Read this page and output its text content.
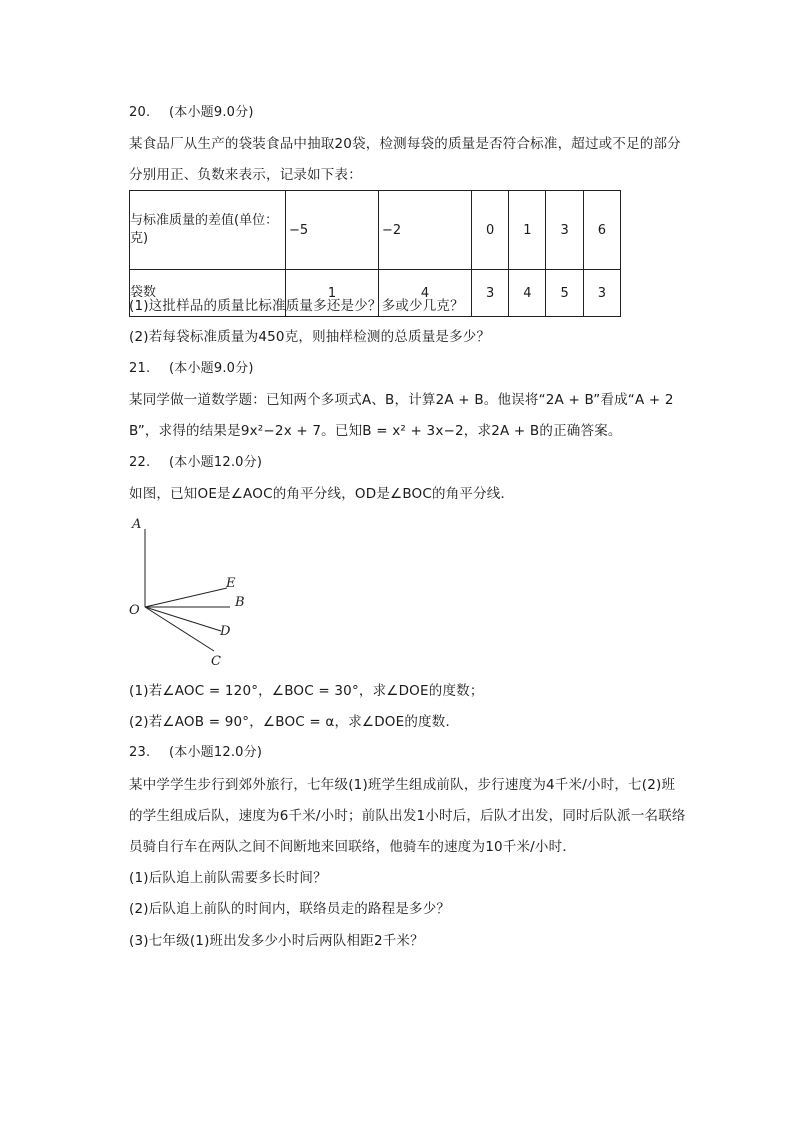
20. (本小题9.0分)
某食品厂从生产的袋装食品中抽取20袋，检测每袋的质量是否符合标准，超过或不足的部分
分别用正、负数来表示，记录如下表：
与标准质量的差值(单位：
克)	−5	−2	0	1	3	6
袋数	1	4	3	4	5	3
(1)这批样品的质量比标准质量多还是少？多或少几克？
(2)若每袋标准质量为450克，则抽样检测的总质量是多少？
21. (本小题9.0分)
某同学做一道数学题：已知两个多项式A、B，计算2A + B。他误将“2A + B”看成“A + 2
B”，求得的结果是9x²−2x + 7。已知B = x² + 3x−2，求2A + B的正确答案。
22. (本小题12.0分)
如图，已知OE是∠AOC的角平分线，OD是∠BOC的角平分线．
A
O
E
B
D
C
(1)若∠AOC = 120°，∠BOC = 30°，求∠DOE的度数；
(2)若∠AOB = 90°，∠BOC = α，求∠DOE的度数．
23. (本小题12.0分)
某中学学生步行到郊外旅行，七年级(1)班学生组成前队，步行速度为4千米/小时，七(2)班
的学生组成后队，速度为6千米/小时；前队出发1小时后，后队才出发，同时后队派一名联络
员骑自行车在两队之间不间断地来回联络，他骑车的速度为10千米/小时．
(1)后队追上前队需要多长时间？
(2)后队追上前队的时间内，联络员走的路程是多少？
(3)七年级(1)班出发多少小时后两队相距2千米？
